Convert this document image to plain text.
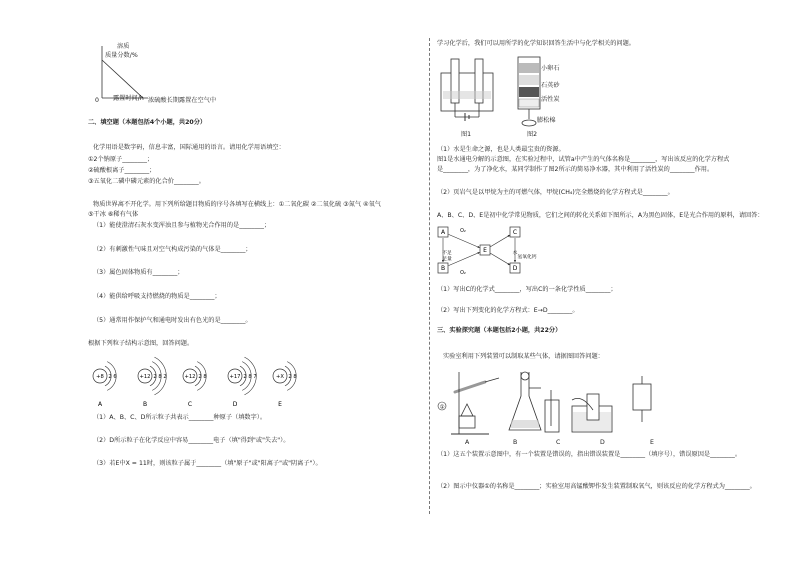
溶质
质量分数/%
0 露置时间/h 浓硫酸长期露置在空气中
二、填空题（本题包括4个小题，共20分）
化学用语是数字码，信息丰富，国际通用的语言。请用化学用语填空：
①2个钠原子________；
②硫酸根离子________；
③五氧化二磷中磷元素的化合价________。
物质世界离不开化学。用下列所给题目物质的序号各填写在横线上：①二氧化碳 ②二氧化硫 ③氮气 ④氧气
⑤干冰 ⑥稀有气体
（1）能使澄清石灰水变浑浊且参与植物光合作用的是________；
（2）有刺激性气味且对空气构成污染的气体是________；
（3）属色固体物质有________；
（4）能供给呼吸支持燃烧的物质是________；
（5）通常用作保护气和通电时发出有色光的是________。
根据下列粒子结构示意图，回答问题。
+8 2 6
A
+12 2 8 2
B
+12 2 8
C
+17 2 8 7
D
+X 2 8
E
（1）A、B、C、D所示粒子共表示________种原子（填数字）。
（2）D所示粒子在化学反应中容易________电子（填"得到"或"失去"）。
（3）若E中X = 11时，则该粒子属于________（填"原子"或"阳离子"或"阴离子"）。
学习化学后，我们可以用所学的化学知识回答生活中与化学相关的问题。
小卵石
石英砂
活性炭
膨松棉
图1	图2
（1）水是生命之源，也是人类最宝贵的资源。
图1是水通电分解的示意图，在实验过程中，试管a中产生的气体名称是________，写出该反应的化学方程式
是________，为了净化水，某同学制作了图2所示的简易净水器，其中利用了活性炭的________作用。
（2）页岩气是以甲烷为主的可燃气体，甲烷(CH₄)完全燃烧的化学方程式是________。
A、B、C、D、E是初中化学常见物质，它们之间的转化关系如下图所示，A为黑色固体，E是光合作用的原料，请回答：
A
B
C
D
E
O₂
O₂
水
氢氧化钙
不足
足量
（1）写出C的化学式________，写出C的一条化学性质________；
（2）写出下列变化的化学方程式：E→D________。
三、实验探究题（本题包括2小题，共22分）
实验室利用下列装置可以制取某些气体，请据图回答问题：
①
A	B	C	D	E
（1）这五个装置示意图中，有一个装置是错误的，指出错误装置是________（填序号），错误原因是________。
（2）图示中仪器①的名称是________；实验室用高锰酸钾作发生装置制取氧气，则该反应的化学方程式为________。
